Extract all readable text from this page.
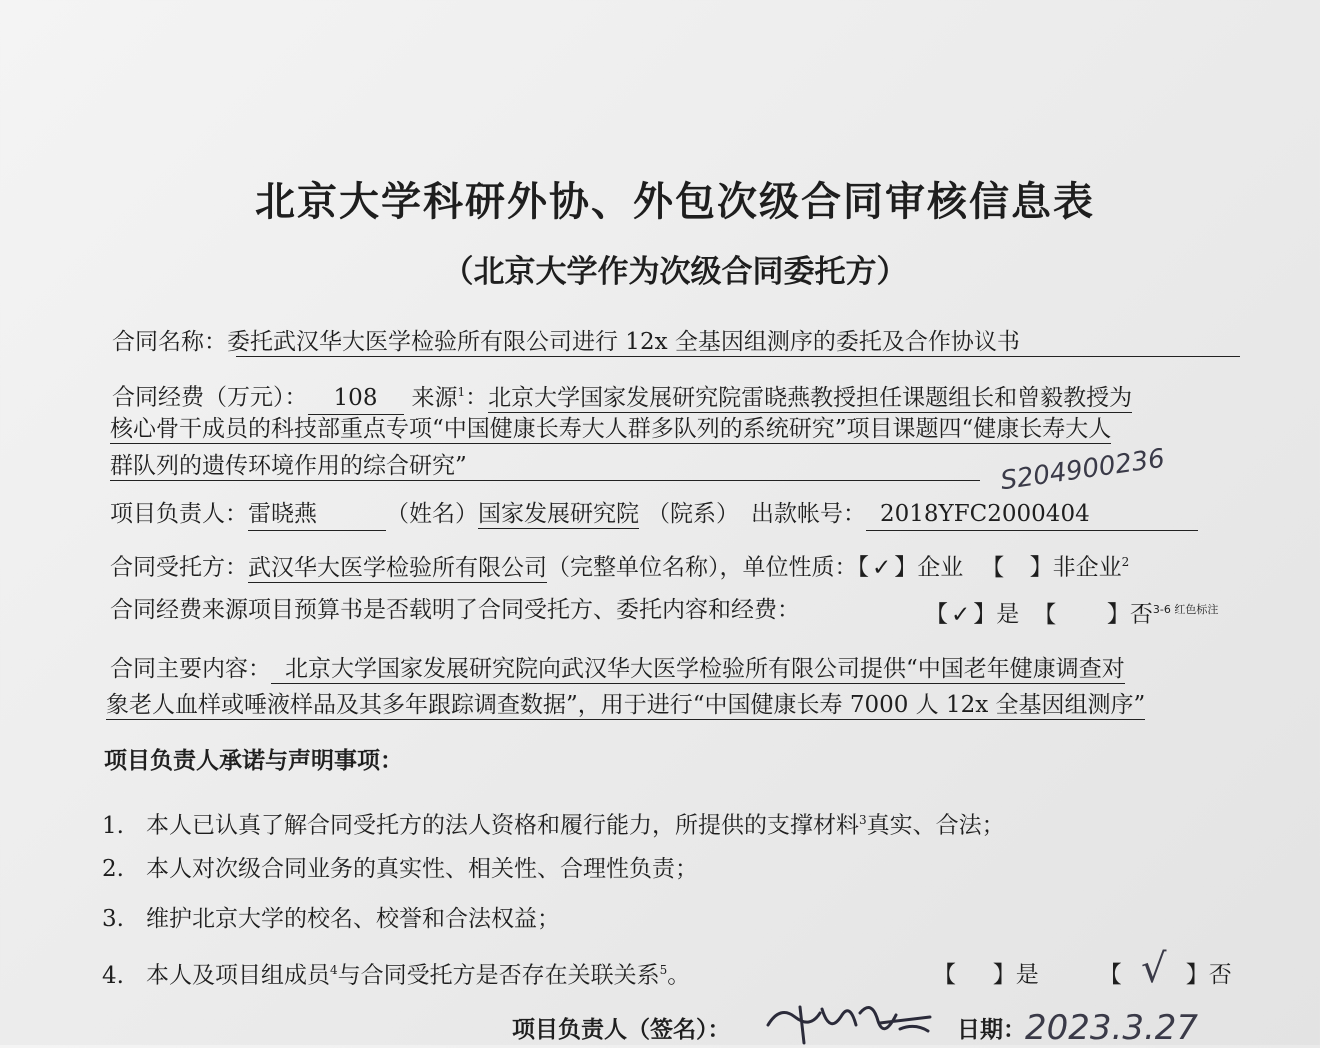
北京大学科研外协、外包次级合同审核信息表
（北京大学作为次级合同委托方）
合同名称：委托武汉华大医学检验所有限公司进行 12x 全基因组测序的委托及合作协议书
合同经费（万元）： 108 来源$^1$：北京大学国家发展研究院雷晓燕教授担任课题组长和曾毅教授为
核心骨干成员的科技部重点专项“中国健康长寿大人群多队列的系统研究”项目课题四“健康长寿大人
群队列的遗传环境作用的综合研究”	S204900236
项目负责人：雷晓燕	（姓名）国家发展研究院 （院系） 出款帐号： 2018YFC2000404
合同受托方：武汉华大医学检验所有限公司（完整单位名称），单位性质：【 ✓ 】企业 【 】非企业$^2$
合同经费来源项目预算书是否载明了合同受托方、委托内容和经费：	【 ✓ 】是 【 】否$^{3-6 红色标注}$
合同主要内容： 北京大学国家发展研究院向武汉华大医学检验所有限公司提供“中国老年健康调查对
象老人血样或唾液样品及其多年跟踪调查数据”，用于进行“中国健康长寿 7000 人 12x 全基因组测序”
项目负责人承诺与声明事项：
1. 本人已认真了解合同受托方的法人资格和履行能力，所提供的支撑材料$^3$真实、合法；
2. 本人对次级合同业务的真实性、相关性、合理性负责；
3. 维护北京大学的校名、校誉和合法权益；
4. 本人及项目组成员$^4$与合同受托方是否存在关联关系$^5$。	【 】是	【 √ 】否
项目负责人（签名）：	日期： 2023.3.27
